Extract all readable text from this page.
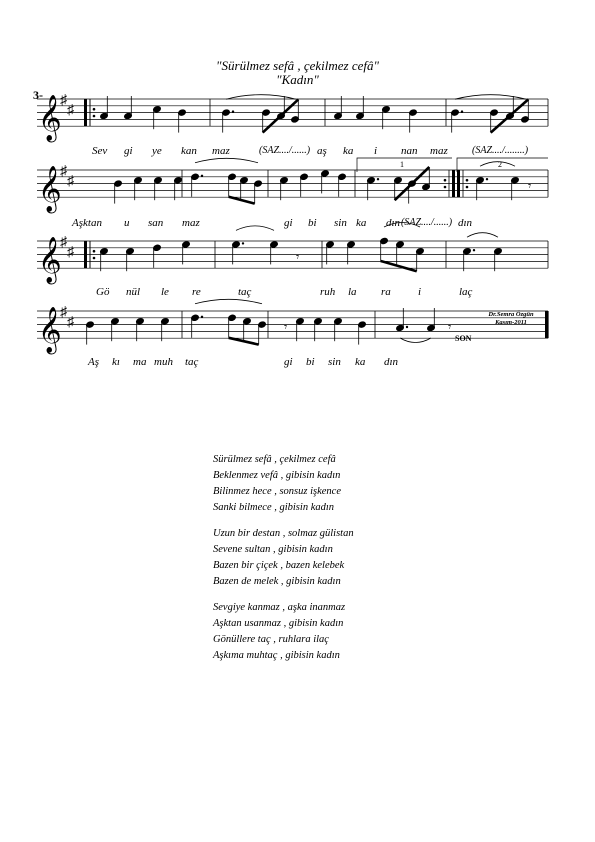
"Sürülmez sefâ , çekilmez cefâ"
"Kadın"
3-
𝄞
♯
♯
𝄞
♯
♯
𝄞
♯
♯
𝄞
♯
♯
𝄾
𝄾
𝄾	𝄾
1	2
Sev gi ye kan maz	(SAZ..../......) aş ka i nan maz (SAZ..../........)
Aşktan u san maz	gi bi sin ka dın (SAZ..../......) dın
Gö nül le re	taç	ruh la ra i	laç
Aş kı ma muh taç	gi bi sin ka dın
Dr.Semra Özgün
Kasım-2011
SON
Sürülmez sefâ , çekilmez cefâ
Beklenmez vefâ , gibisin kadın
Bilinmez hece , sonsuz işkence
Sanki bilmece , gibisin kadın
Uzun bir destan , solmaz gülistan
Sevene sultan , gibisin kadın
Bazen bir çiçek , bazen kelebek
Bazen de melek , gibisin kadın
Sevgiye kanmaz , aşka inanmaz
Aşktan usanmaz , gibisin kadın
Gönüllere taç , ruhlara ilaç
Aşkıma muhtaç , gibisin kadın
